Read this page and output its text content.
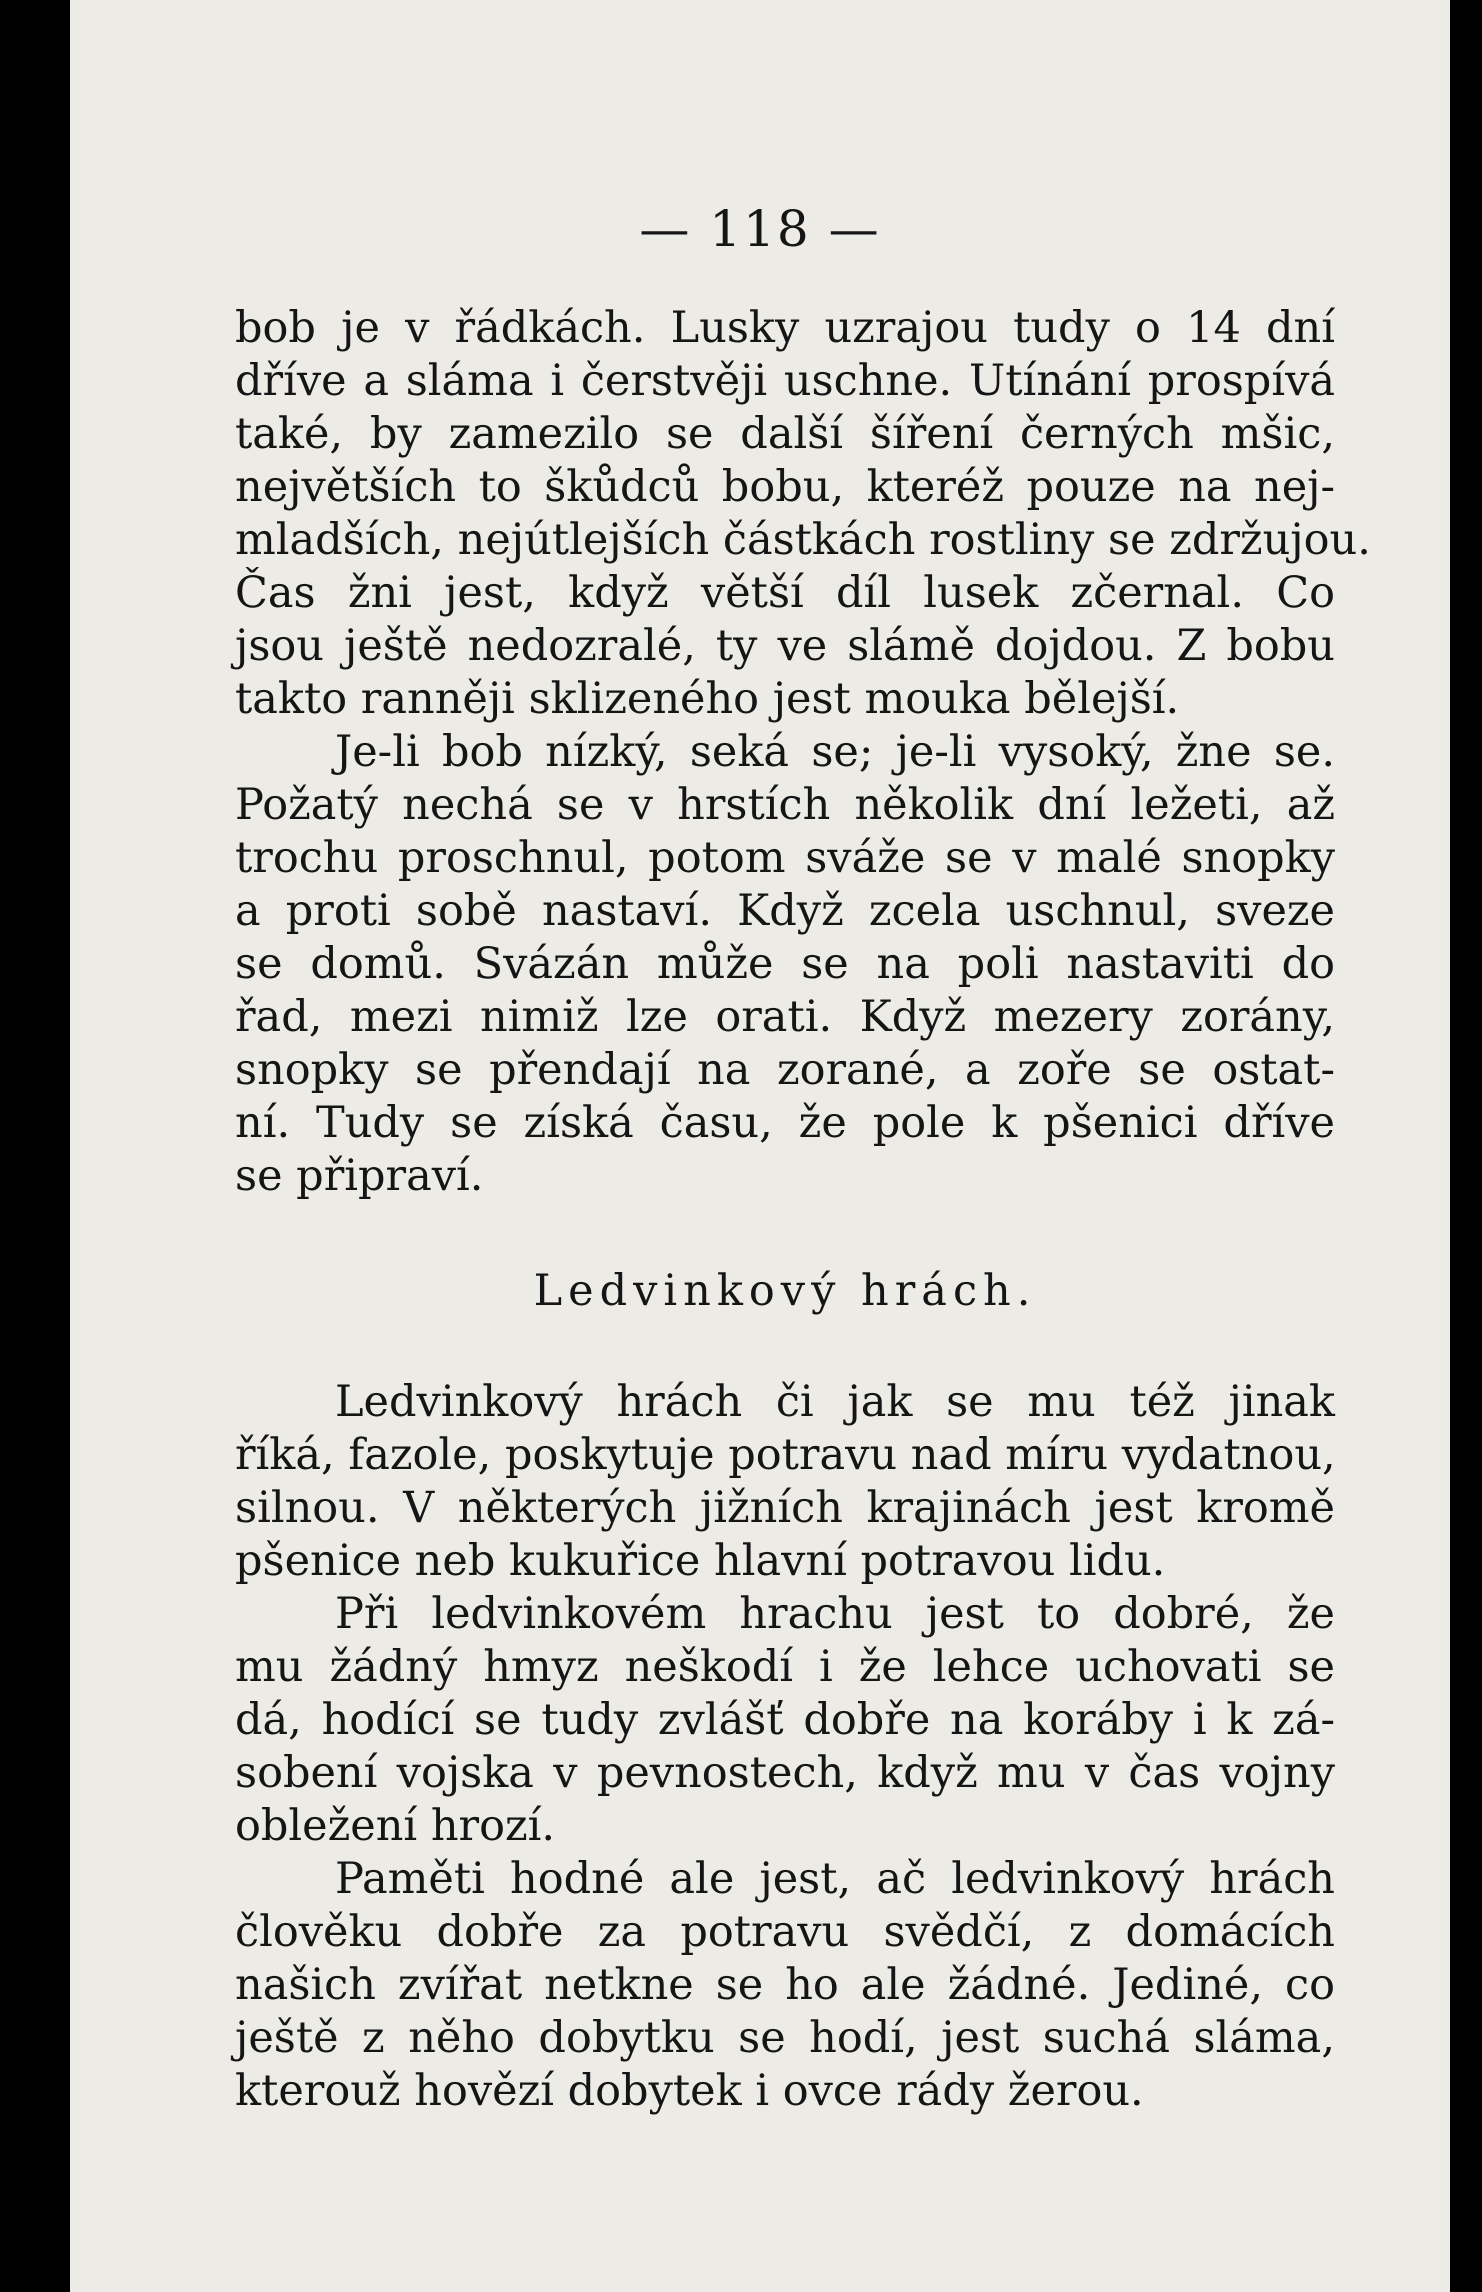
— 118 —
bob je v řádkách. Lusky uzrajou tudy o 14 dní
dříve a sláma i čerstvěji uschne. Utínání prospívá
také, by zamezilo se další šíření černých mšic,
největších to škůdců bobu, kteréž pouze na nej-
mladších, nejútlejších částkách rostliny se zdržujou.
Čas žni jest, když větší díl lusek zčernal. Co
jsou ještě nedozralé, ty ve slámě dojdou. Z bobu
takto ranněji sklizeného jest mouka bělejší.
Je-li bob nízký, seká se; je-li vysoký, žne se.
Požatý nechá se v hrstích několik dní ležeti, až
trochu proschnul, potom sváže se v malé snopky
a proti sobě nastaví. Když zcela uschnul, sveze
se domů. Svázán může se na poli nastaviti do
řad, mezi nimiž lze orati. Když mezery zorány,
snopky se přendají na zorané, a zoře se ostat-
ní. Tudy se získá času, že pole k pšenici dříve
se připraví.
Ledvinkový hrách.
Ledvinkový hrách či jak se mu též jinak
říká, fazole, poskytuje potravu nad míru vydatnou,
silnou. V některých jižních krajinách jest kromě
pšenice neb kukuřice hlavní potravou lidu.
Při ledvinkovém hrachu jest to dobré, že
mu žádný hmyz neškodí i že lehce uchovati se
dá, hodící se tudy zvlášť dobře na koráby i k zá-
sobení vojska v pevnostech, když mu v čas vojny
obležení hrozí.
Paměti hodné ale jest, ač ledvinkový hrách
člověku dobře za potravu svědčí, z domácích
našich zvířat netkne se ho ale žádné. Jediné, co
ještě z něho dobytku se hodí, jest suchá sláma,
kterouž hovězí dobytek i ovce rády žerou.
